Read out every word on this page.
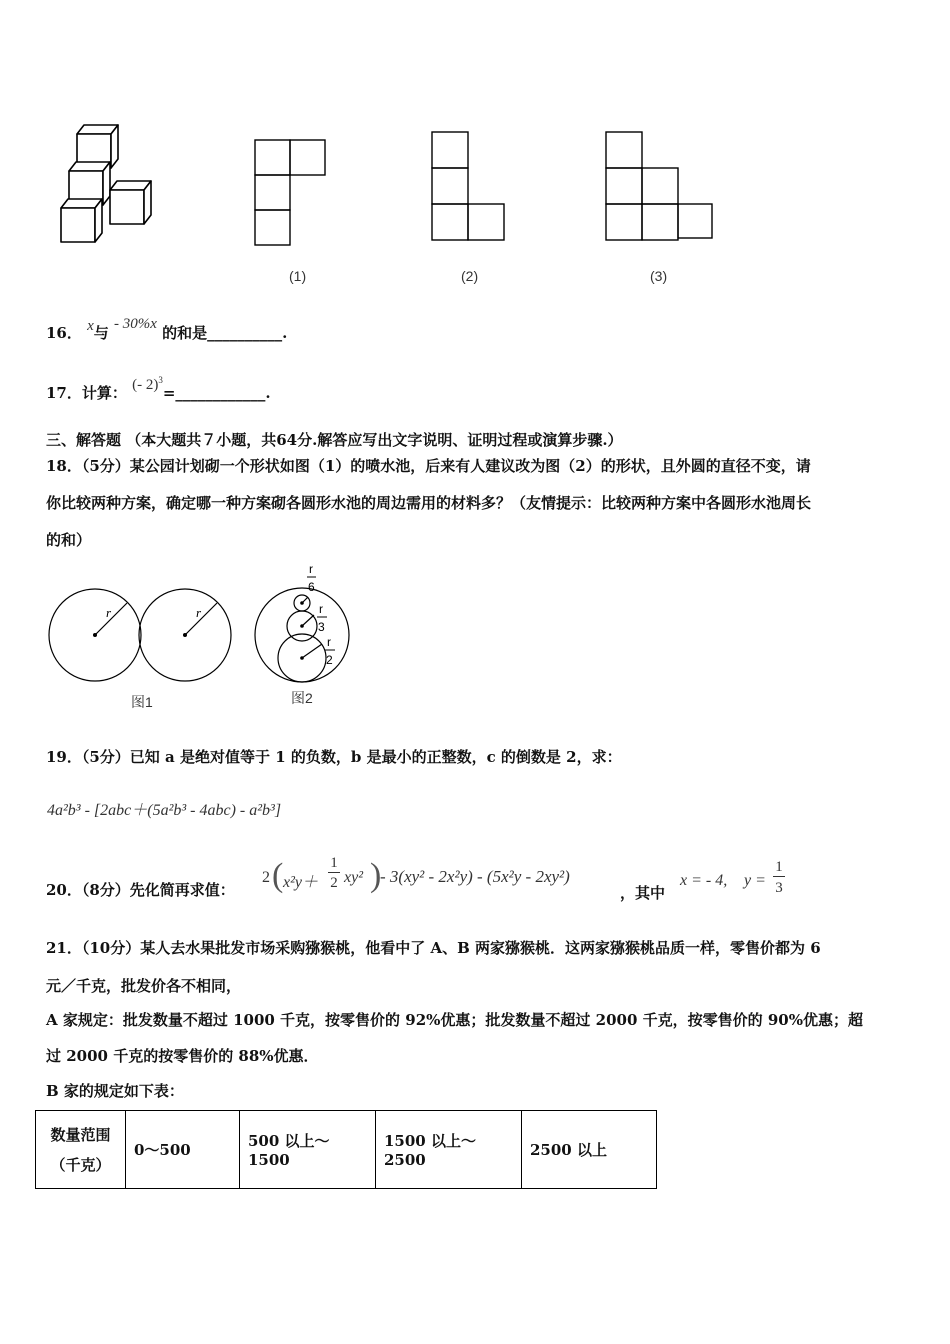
(1)	(2)	(3)
16． x与 - 30%x 的和是__________.
17．计算： (- 2)$^3$=____________.
三、解答题 （本大题共７小题，共64分.解答应写出文字说明、证明过程或演算步骤.）
18．（5分）某公园计划砌一个形状如图（1）的喷水池，后来有人建议改为图（2）的形状，且外圆的直径不变，请
你比较两种方案，确定哪一种方案砌各圆形水池的周边需用的材料多？（友情提示：比较两种方案中各圆形水池周长
的和）
r	r
图1
r
6
r
3
r
2
图2
19．（5分）已知 a 是绝对值等于 1 的负数，b 是最小的正整数，c 的倒数是 2，求：
4a²b³ - [2abc＋(5a²b³ - 4abc) - a²b³]
20．（8分）先化简再求值：
2 ( $x^2y+ \frac{1}{2} xy^2$ )
- 3(xy² - 2x²y) - (5x²y - 2xy²)
，其中
x = - 4, $y = \frac{1}{3}$
21．（10分）某人去水果批发市场采购猕猴桃，他看中了 A、B 两家猕猴桃．这两家猕猴桃品质一样，零售价都为 6
元／千克，批发价各不相同，
A 家规定：批发数量不超过 1000 千克，按零售价的 92%优惠；批发数量不超过 2000 千克，按零售价的 90%优惠；超
过 2000 千克的按零售价的 88%优惠．
B 家的规定如下表：
数量范围
（千克）	0～500	500 以上～1500	1500 以上～2500	2500 以上
